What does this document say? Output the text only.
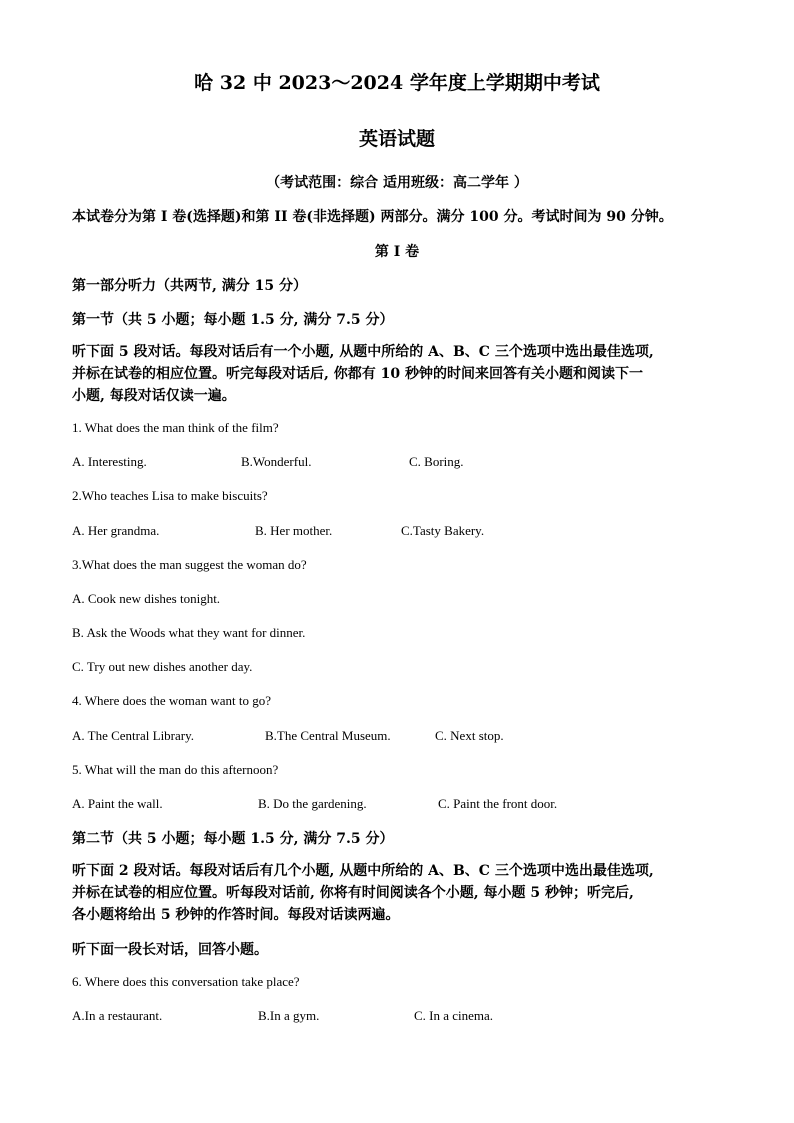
哈 32 中 2023～2024 学年度上学期期中考试
英语试题
（考试范围：综合 适用班级：高二学年 ）
本试卷分为第 I 卷(选择题)和第 II 卷(非选择题) 两部分。满分 100 分。考试时间为 90 分钟。
第 I 卷
第一部分听力（共两节, 满分 15 分）
第一节（共 5 小题；每小题 1.5 分, 满分 7.5 分）
听下面 5 段对话。每段对话后有一个小题, 从题中所给的 A、B、C 三个选项中选出最佳选项,
并标在试卷的相应位置。听完每段对话后, 你都有 10 秒钟的时间来回答有关小题和阅读下一
小题, 每段对话仅读一遍。
1. What does the man think of the film?
A. Interesting.	B.Wonderful.	C. Boring.
2.Who teaches Lisa to make biscuits?
A. Her grandma.	B. Her mother.	C.Tasty Bakery.
3.What does the man suggest the woman do?
A. Cook new dishes tonight.
B. Ask the Woods what they want for dinner.
C. Try out new dishes another day.
4. Where does the woman want to go?
A. The Central Library.	B.The Central Museum.	C. Next stop.
5. What will the man do this afternoon?
A. Paint the wall.	B. Do the gardening.	C. Paint the front door.
第二节（共 5 小题；每小题 1.5 分, 满分 7.5 分）
听下面 2 段对话。每段对话后有几个小题, 从题中所给的 A、B、C 三个选项中选出最佳选项,
并标在试卷的相应位置。听每段对话前, 你将有时间阅读各个小题, 每小题 5 秒钟；听完后,
各小题将给出 5 秒钟的作答时间。每段对话读两遍。
听下面一段长对话，回答小题。
6. Where does this conversation take place?
A.In a restaurant.	B.In a gym.	C. In a cinema.
